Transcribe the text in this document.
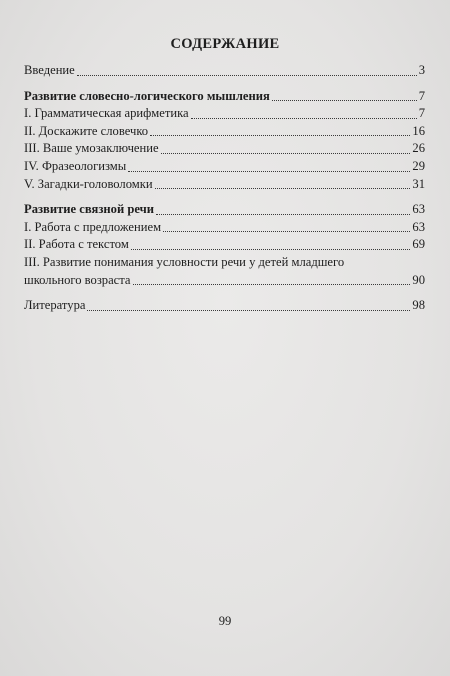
СОДЕРЖАНИЕ
Введение	3
Развитие словесно-логического мышления	7
I. Грамматическая арифметика	7
II. Доскажите словечко	16
III. Ваше умозаключение	26
IV. Фразеологизмы	29
V. Загадки-головоломки	31
Развитие связной речи	63
I. Работа с предложением	63
II. Работа с текстом	69
III. Развитие понимания условности речи у детей младшего
школьного возраста	90
Литература	98
99
